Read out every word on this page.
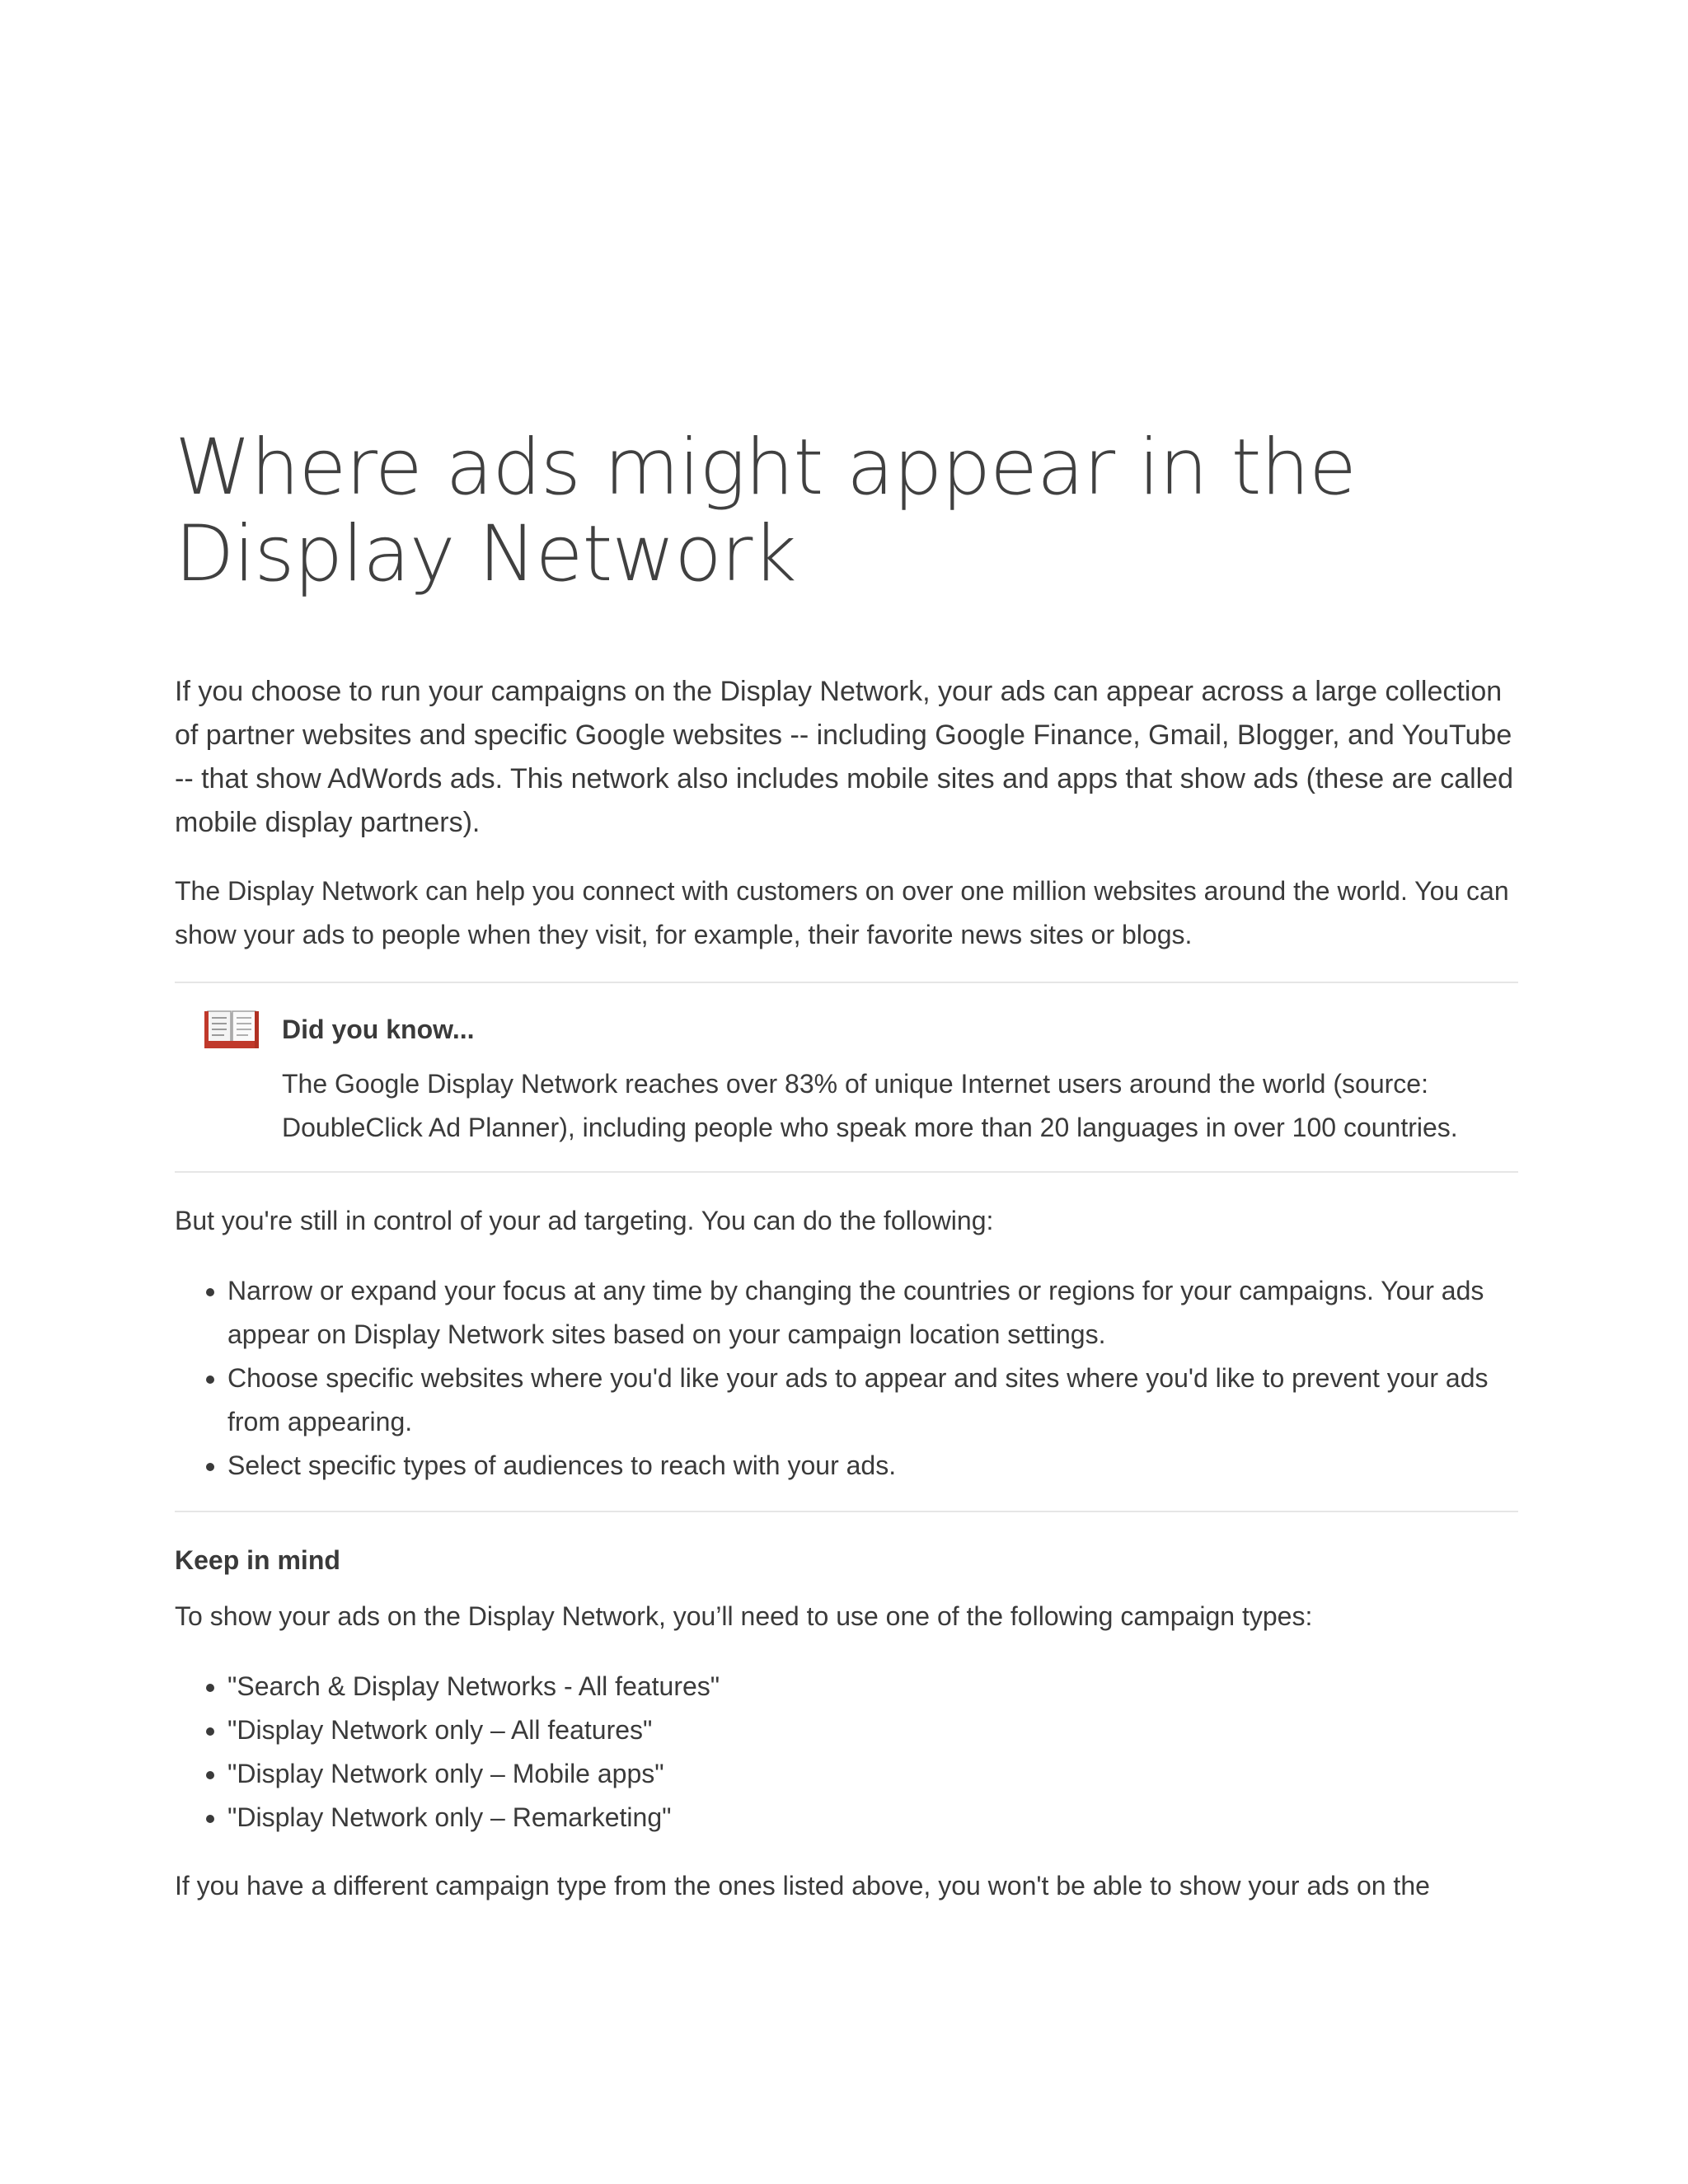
Where ads might appear in the Display Network

If you choose to run your campaigns on the Display Network, your ads can appear across a large collection of partner websites and specific Google websites -- including Google Finance, Gmail, Blogger, and YouTube -- that show AdWords ads. This network also includes mobile sites and apps that show ads (these are called mobile display partners).

The Display Network can help you connect with customers on over one million websites around the world. You can show your ads to people when they visit, for example, their favorite news sites or blogs.

Did you know...
The Google Display Network reaches over 83% of unique Internet users around the world (source: DoubleClick Ad Planner), including people who speak more than 20 languages in over 100 countries.

But you're still in control of your ad targeting. You can do the following:

• Narrow or expand your focus at any time by changing the countries or regions for your campaigns. Your ads appear on Display Network sites based on your campaign location settings.
• Choose specific websites where you'd like your ads to appear and sites where you'd like to prevent your ads from appearing.
• Select specific types of audiences to reach with your ads.
Keep in mind

To show your ads on the Display Network, you’ll need to use one of the following campaign types:

• "Search & Display Networks - All features"
• "Display Network only – All features"
• "Display Network only – Mobile apps"
• "Display Network only – Remarketing"

If you have a different campaign type from the ones listed above, you won't be able to show your ads on the
